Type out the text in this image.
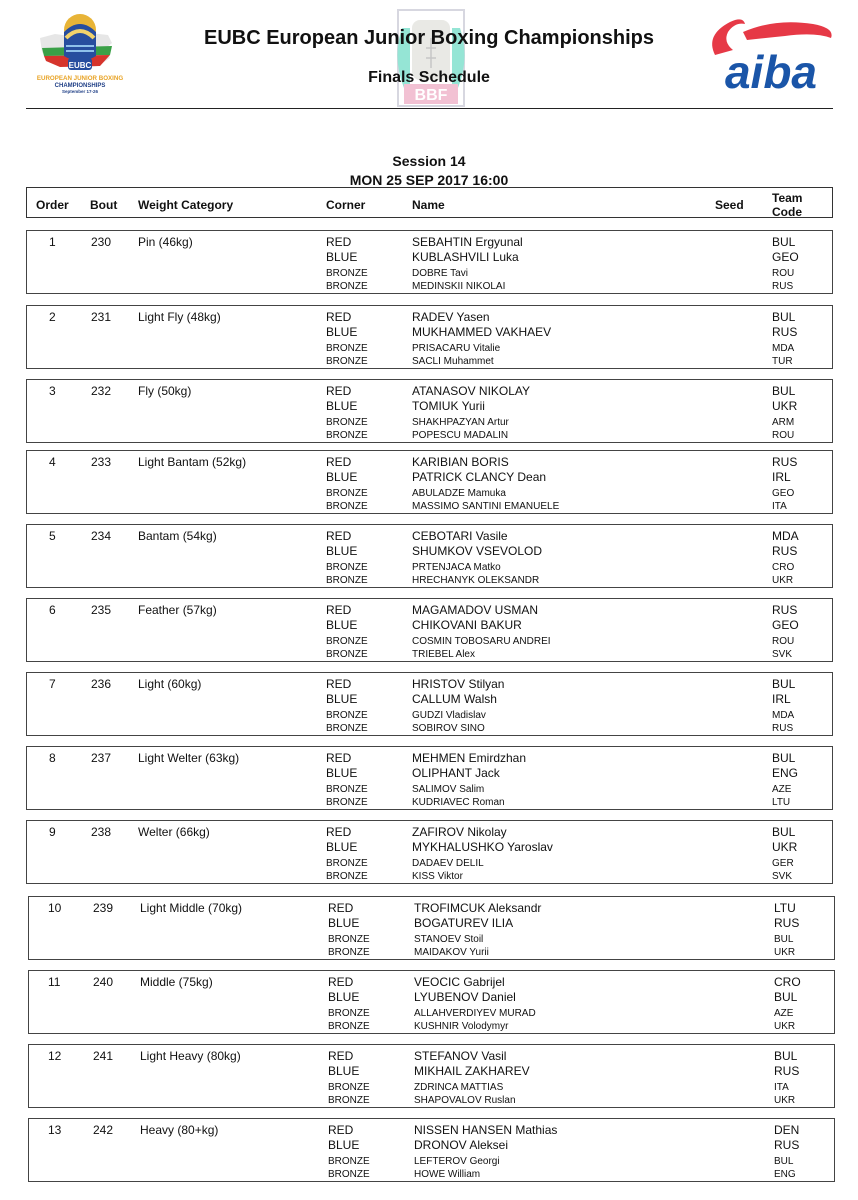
EUBC
EUROPEAN JUNIOR BOXING
CHAMPIONSHIPS
September 17-26	BBF	aiba
EUBC European Junior Boxing Championships
Finals Schedule
Session 14
MON 25 SEP 2017 16:00
Order Bout Weight Category	Corner	Name	Seed Team
Code
1	230 Pin (46kg)	RED	SEBAHTIN Ergyunal	BUL
BLUE	KUBLASHVILI Luka	GEO
BRONZE	DOBRE Tavi	ROU
BRONZE	MEDINSKII NIKOLAI	RUS
2	231 Light Fly (48kg)	RED	RADEV Yasen	BUL
BLUE	MUKHAMMED VAKHAEV	RUS
BRONZE	PRISACARU Vitalie	MDA
BRONZE	SACLI Muhammet	TUR
3	232 Fly (50kg)	RED	ATANASOV NIKOLAY	BUL
BLUE	TOMIUK Yurii	UKR
BRONZE	SHAKHPAZYAN Artur	ARM
BRONZE	POPESCU MADALIN	ROU
4	233 Light Bantam (52kg)	RED	KARIBIAN BORIS	RUS
BLUE	PATRICK CLANCY Dean	IRL
BRONZE	ABULADZE Mamuka	GEO
BRONZE	MASSIMO SANTINI EMANUELE	ITA
5	234 Bantam (54kg)	RED	CEBOTARI Vasile	MDA
BLUE	SHUMKOV VSEVOLOD	RUS
BRONZE	PRTENJACA Matko	CRO
BRONZE	HRECHANYK OLEKSANDR	UKR
6	235 Feather (57kg)	RED	MAGAMADOV USMAN	RUS
BLUE	CHIKOVANI BAKUR	GEO
BRONZE	COSMIN TOBOSARU ANDREI	ROU
BRONZE	TRIEBEL Alex	SVK
7	236 Light (60kg)	RED	HRISTOV Stilyan	BUL
BLUE	CALLUM Walsh	IRL
BRONZE	GUDZI Vladislav	MDA
BRONZE	SOBIROV SINO	RUS
8	237 Light Welter (63kg)	RED	MEHMEN Emirdzhan	BUL
BLUE	OLIPHANT Jack	ENG
BRONZE	SALIMOV Salim	AZE
BRONZE	KUDRIAVEC Roman	LTU
9	238 Welter (66kg)	RED	ZAFIROV Nikolay	BUL
BLUE	MYKHALUSHKO Yaroslav	UKR
BRONZE	DADAEV DELIL	GER
BRONZE	KISS Viktor	SVK
10	239 Light Middle (70kg)	RED	TROFIMCUK Aleksandr	LTU
BLUE	BOGATUREV ILIA	RUS
BRONZE	STANOEV Stoil	BUL
BRONZE	MAIDAKOV Yurii	UKR
11	240 Middle (75kg)	RED	VEOCIC Gabrijel	CRO
BLUE	LYUBENOV Daniel	BUL
BRONZE	ALLAHVERDIYEV MURAD	AZE
BRONZE	KUSHNIR Volodymyr	UKR
12	241 Light Heavy (80kg)	RED	STEFANOV Vasil	BUL
BLUE	MIKHAIL ZAKHAREV	RUS
BRONZE	ZDRINCA MATTIAS	ITA
BRONZE	SHAPOVALOV Ruslan	UKR
13	242 Heavy (80+kg)	RED	NISSEN HANSEN Mathias	DEN
BLUE	DRONOV Aleksei	RUS
BRONZE	LEFTEROV Georgi	BUL
BRONZE	HOWE William	ENG
